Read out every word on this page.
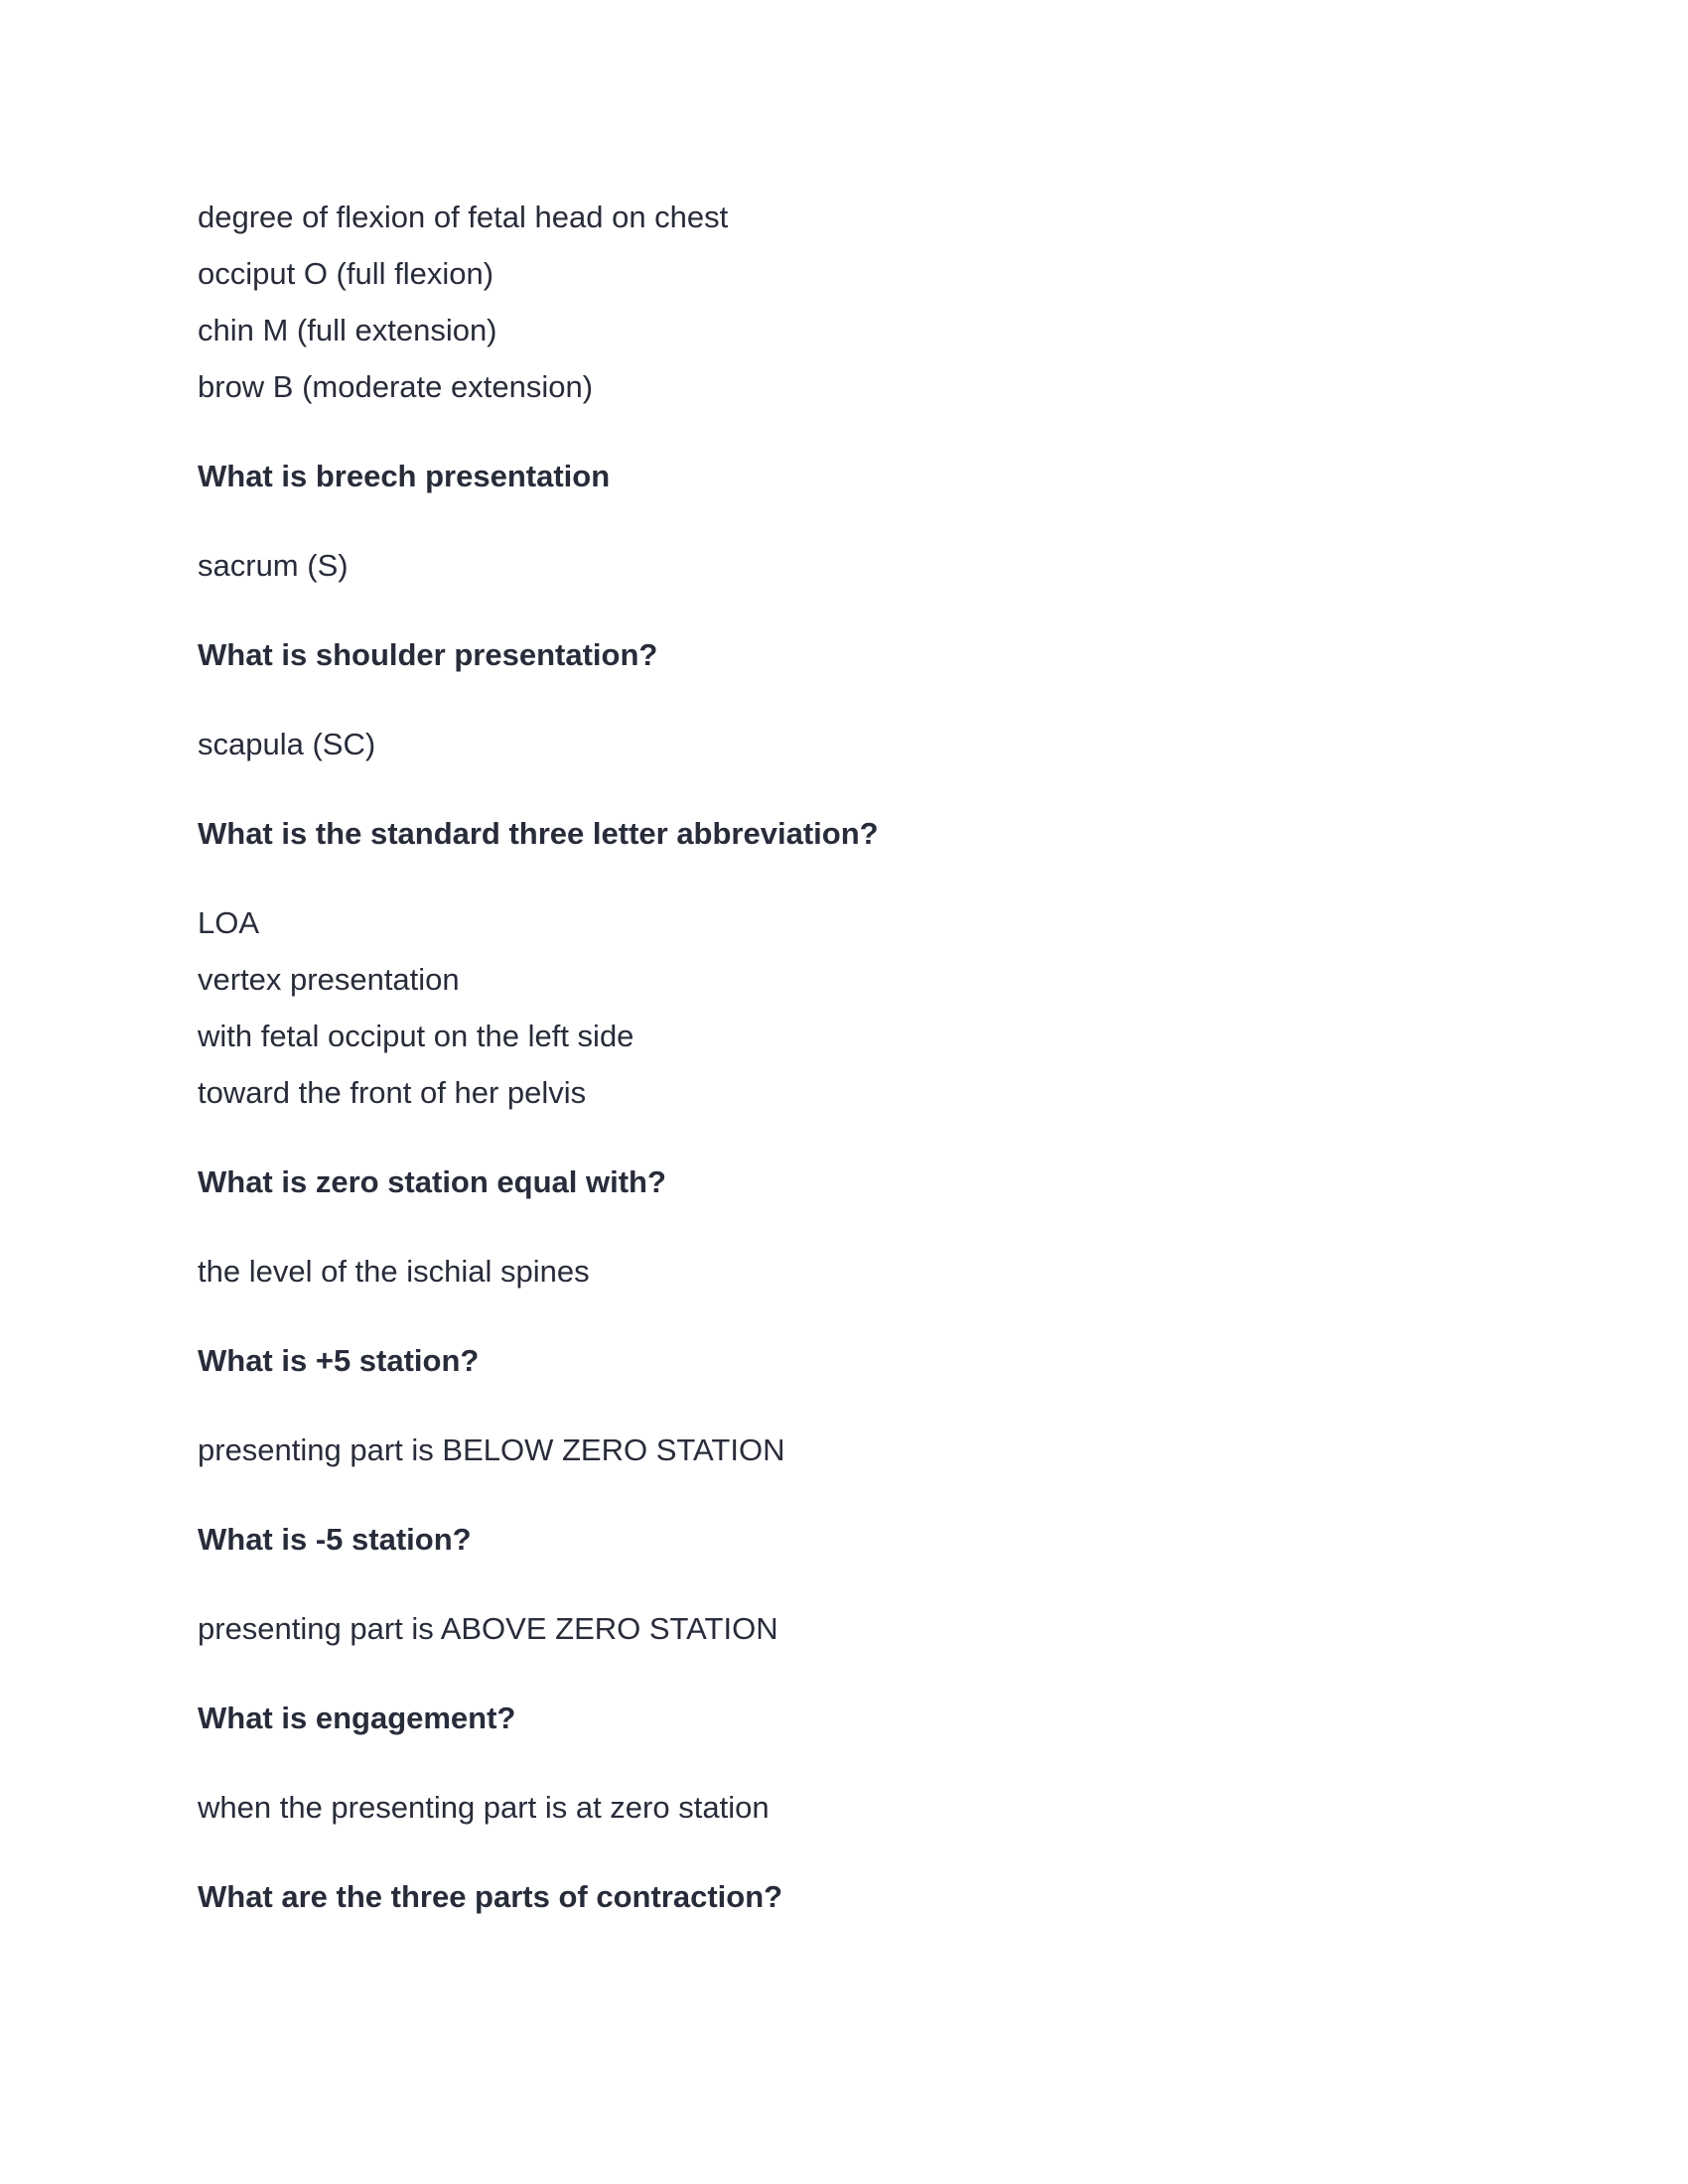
degree of flexion of fetal head on chest
occiput O (full flexion)
chin M (full extension)
brow B (moderate extension)
What is breech presentation
sacrum (S)
What is shoulder presentation?
scapula (SC)
What is the standard three letter abbreviation?
LOA
vertex presentation
with fetal occiput on the left side
toward the front of her pelvis
What is zero station equal with?
the level of the ischial spines
What is +5 station?
presenting part is BELOW ZERO STATION
What is -5 station?
presenting part is ABOVE ZERO STATION
What is engagement?
when the presenting part is at zero station
What are the three parts of contraction?
